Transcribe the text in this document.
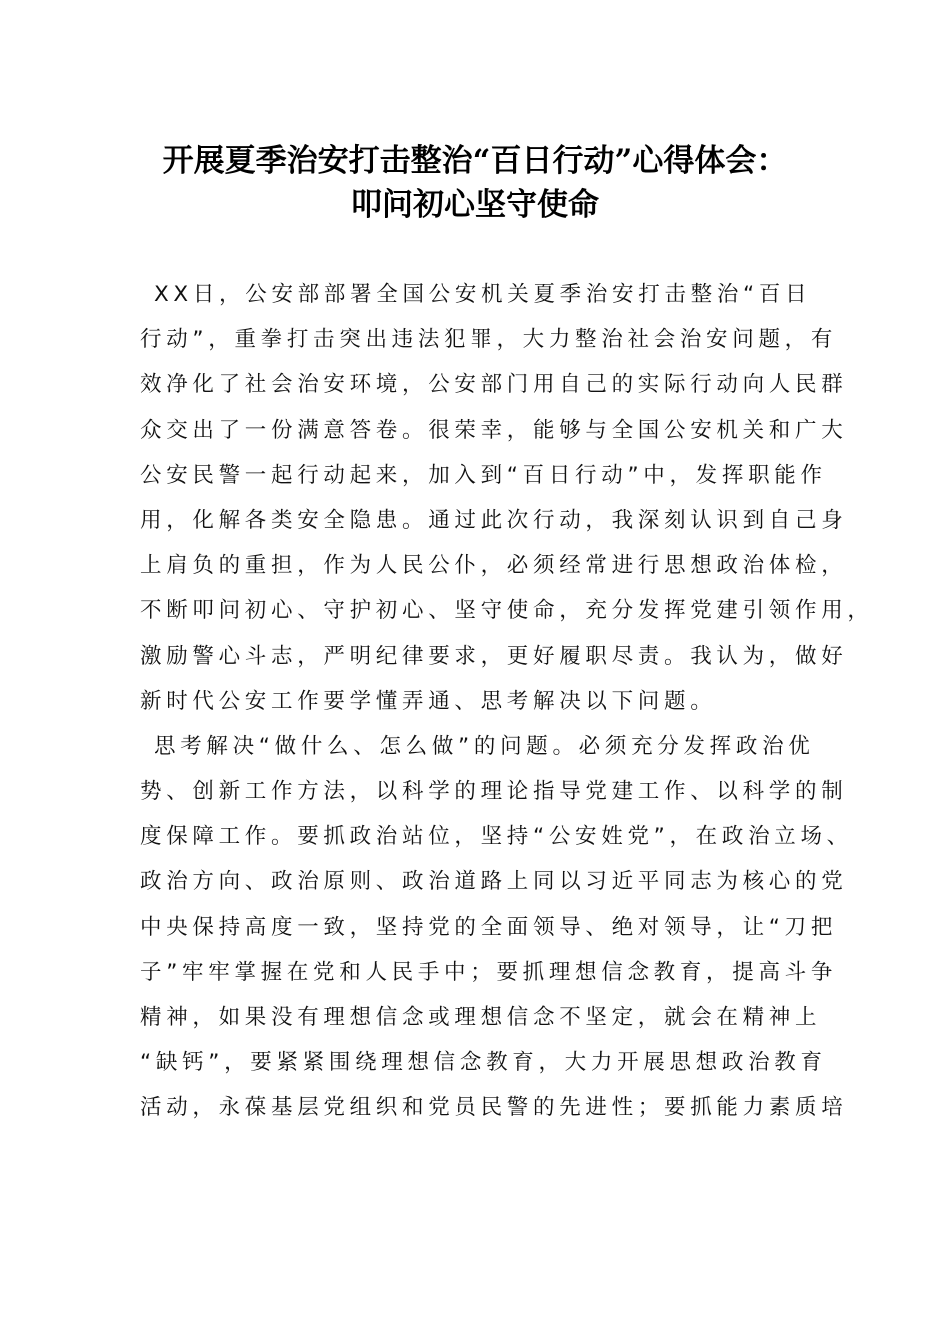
开展夏季治安打击整治“百日行动”心得体会：
叩问初心坚守使命
XX日，公安部部署全国公安机关夏季治安打击整治“百日
行动”，重拳打击突出违法犯罪，大力整治社会治安问题，有
效净化了社会治安环境，公安部门用自己的实际行动向人民群
众交出了一份满意答卷。很荣幸，能够与全国公安机关和广大
公安民警一起行动起来，加入到“百日行动”中，发挥职能作
用，化解各类安全隐患。通过此次行动，我深刻认识到自己身
上肩负的重担，作为人民公仆，必须经常进行思想政治体检，
不断叩问初心、守护初心、坚守使命，充分发挥党建引领作用，
激励警心斗志，严明纪律要求，更好履职尽责。我认为，做好
新时代公安工作要学懂弄通、思考解决以下问题。
思考解决“做什么、怎么做”的问题。必须充分发挥政治优
势、创新工作方法，以科学的理论指导党建工作、以科学的制
度保障工作。要抓政治站位，坚持“公安姓党”，在政治立场、
政治方向、政治原则、政治道路上同以习近平同志为核心的党
中央保持高度一致，坚持党的全面领导、绝对领导，让“刀把
子”牢牢掌握在党和人民手中；要抓理想信念教育，提高斗争
精神，如果没有理想信念或理想信念不坚定，就会在精神上
“缺钙”，要紧紧围绕理想信念教育，大力开展思想政治教育
活动，永葆基层党组织和党员民警的先进性；要抓能力素质培
